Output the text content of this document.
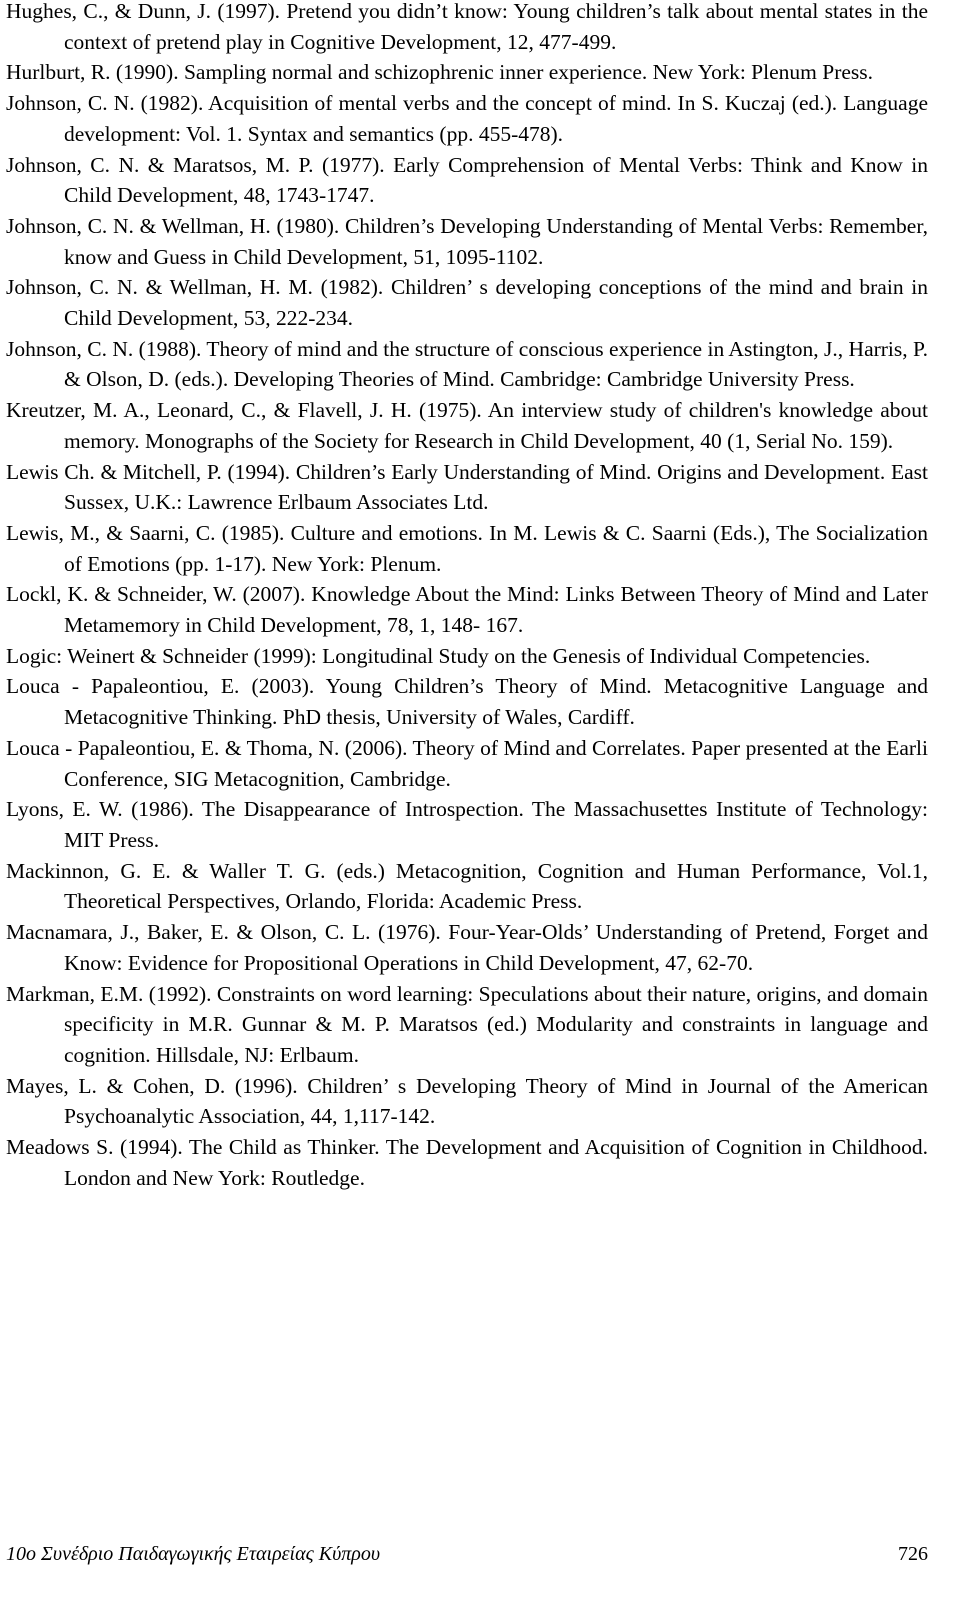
Hughes, C., & Dunn, J. (1997). Pretend you didn’t know: Young children’s talk about mental states in the context of pretend play in Cognitive Development, 12, 477-499.
Hurlburt, R. (1990). Sampling normal and schizophrenic inner experience. New York: Plenum Press.
Johnson, C. N. (1982). Acquisition of mental verbs and the concept of mind. In S. Kuczaj (ed.). Language development: Vol. 1. Syntax and semantics (pp. 455-478).
Johnson, C. N. & Maratsos, M. P. (1977). Early Comprehension of Mental Verbs: Think and Know in Child Development, 48, 1743-1747.
Johnson, C. N. & Wellman, H. (1980). Children’s Developing Understanding of Mental Verbs: Remember, know and Guess in Child Development, 51, 1095-1102.
Johnson, C. N. & Wellman, H. M. (1982). Children’ s developing conceptions of the mind and brain in Child Development, 53, 222-234.
Johnson, C. N. (1988). Theory of mind and the structure of conscious experience in Astington, J., Harris, P. & Olson, D. (eds.). Developing Theories of Mind. Cambridge: Cambridge University Press.
Kreutzer, M. A., Leonard, C., & Flavell, J. H. (1975). An interview study of children's knowledge about memory. Monographs of the Society for Research in Child Development, 40 (1, Serial No. 159).
Lewis Ch. & Mitchell, P. (1994). Children’s Early Understanding of Mind. Origins and Development. East Sussex, U.K.: Lawrence Erlbaum Associates Ltd.
Lewis, M., & Saarni, C. (1985). Culture and emotions. In M. Lewis & C. Saarni (Eds.), The Socialization of Emotions (pp. 1-17). New York: Plenum.
Lockl, K. & Schneider, W. (2007). Knowledge About the Mind: Links Between Theory of Mind and Later Metamemory in Child Development, 78, 1, 148- 167.
Logic: Weinert & Schneider (1999): Longitudinal Study on the Genesis of Individual Competencies.
Louca - Papaleontiou, E. (2003). Young Children’s Theory of Mind. Metacognitive Language and Metacognitive Thinking. PhD thesis, University of Wales, Cardiff.
Louca - Papaleontiou, E. & Thoma, N. (2006). Theory of Mind and Correlates. Paper presented at the Earli Conference, SIG Metacognition, Cambridge.
Lyons, E. W. (1986). The Disappearance of Introspection. The Massachusettes Institute of Technology: MIT Press.
Mackinnon, G. E. & Waller T. G. (eds.) Metacognition, Cognition and Human Performance, Vol.1, Theoretical Perspectives, Orlando, Florida: Academic Press.
Macnamara, J., Baker, E. & Olson, C. L. (1976). Four-Year-Olds’ Understanding of Pretend, Forget and Know: Evidence for Propositional Operations in Child Development, 47, 62-70.
Markman, E.M. (1992). Constraints on word learning: Speculations about their nature, origins, and domain specificity in M.R. Gunnar & M. P. Maratsos (ed.) Modularity and constraints in language and cognition. Hillsdale, NJ: Erlbaum.
Mayes, L. & Cohen, D. (1996). Children’ s Developing Theory of Mind in Journal of the American Psychoanalytic Association, 44, 1,117-142.
Meadows S. (1994). The Child as Thinker. The Development and Acquisition of Cognition in Childhood. London and New York: Routledge.
10ο Συνέδριο Παιδαγωγικής Εταιρείας Κύπρου	726
